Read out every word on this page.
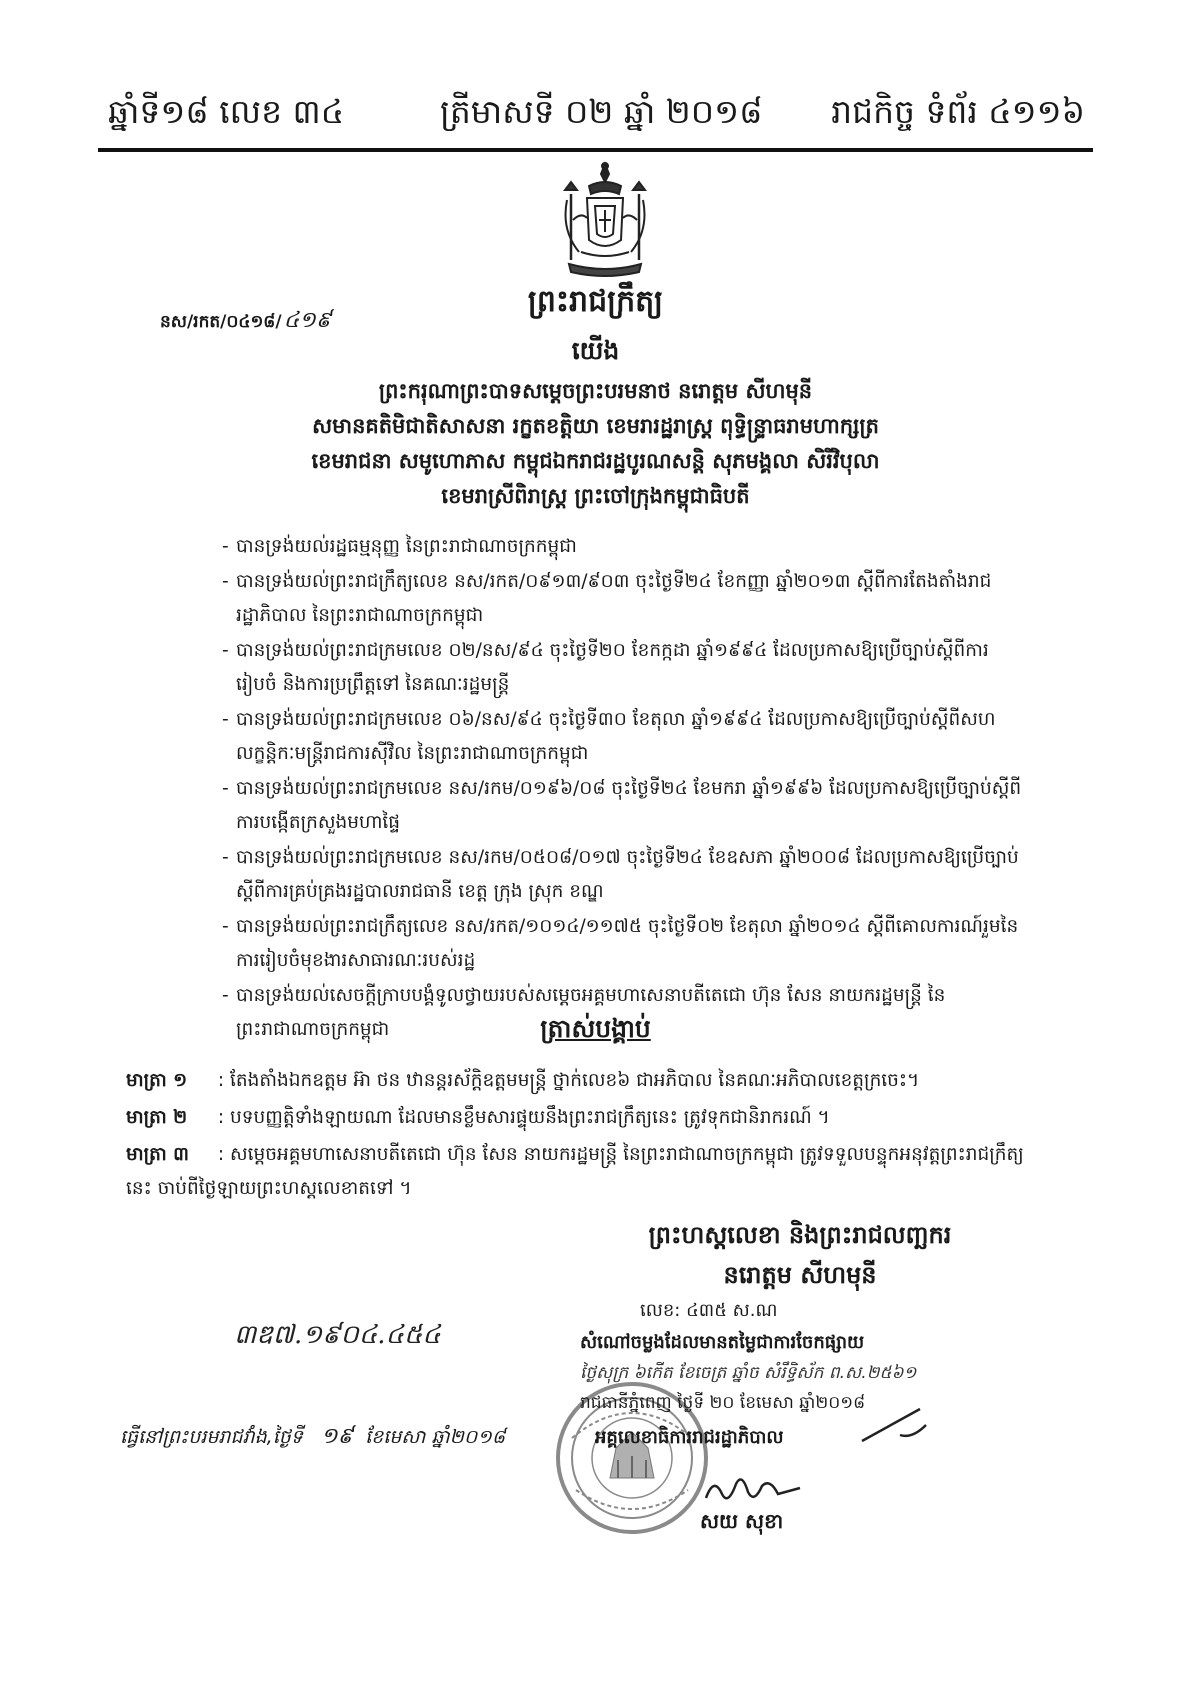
ឆ្នាំទី១៨ លេខ ៣៤	ត្រីមាសទី ០២ ឆ្នាំ ២០១៨ រាជកិច្ច ទំព័រ ៤១១៦
នស/រកត/០៤១៨/៤១៩
ព្រះរាជក្រឹត្យ
យើង
ព្រះករុណាព្រះបាទសម្តេចព្រះបរមនាថ នរោត្តម សីហមុនី
សមានគតិមិជាតិសាសនា រក្ខតខត្តិយា ខេមរារដ្ឋរាស្ត្រ ពុទ្ធិន្ទ្រាធរាមហាក្សត្រ
ខេមរាជនា សមូហោភាស កម្ពុជឯករាជរដ្ឋបូរណសន្តិ សុភមង្គលា សិរីវិបុលា
ខេមរាស្រីពិរាស្ត្រ ព្រះចៅក្រុងកម្ពុជាធិបតី
- បានទ្រង់យល់រដ្ឋធម្មនុញ្ញ នៃព្រះរាជាណាចក្រកម្ពុជា
- បានទ្រង់យល់ព្រះរាជក្រឹត្យលេខ នស/រកត/០៩១៣/៩០៣ ចុះថ្ងៃទី២៤ ខែកញ្ញា ឆ្នាំ២០១៣ ស្តីពីការតែងតាំងរាជរដ្ឋាភិបាល នៃព្រះរាជាណាចក្រកម្ពុជា
- បានទ្រង់យល់ព្រះរាជក្រមលេខ ០២/នស/៩៤ ចុះថ្ងៃទី២០ ខែកក្កដា ឆ្នាំ១៩៩៤ ដែលប្រកាសឱ្យប្រើច្បាប់ស្តីពីការរៀបចំ និងការប្រព្រឹត្តទៅ នៃគណៈរដ្ឋមន្ត្រី
- បានទ្រង់យល់ព្រះរាជក្រមលេខ ០៦/នស/៩៤ ចុះថ្ងៃទី៣០ ខែតុលា ឆ្នាំ១៩៩៤ ដែលប្រកាសឱ្យប្រើច្បាប់ស្តីពីសហលក្ខន្តិកៈមន្ត្រីរាជការស៊ីវិល នៃព្រះរាជាណាចក្រកម្ពុជា
- បានទ្រង់យល់ព្រះរាជក្រមលេខ នស/រកម/០១៩៦/០៨ ចុះថ្ងៃទី២៤ ខែមករា ឆ្នាំ១៩៩៦ ដែលប្រកាសឱ្យប្រើច្បាប់ស្តីពីការបង្កើតក្រសួងមហាផ្ទៃ
- បានទ្រង់យល់ព្រះរាជក្រមលេខ នស/រកម/០៥០៨/០១៧ ចុះថ្ងៃទី២៤ ខែឧសភា ឆ្នាំ២០០៨ ដែលប្រកាសឱ្យប្រើច្បាប់ស្តីពីការគ្រប់គ្រងរដ្ឋបាលរាជធានី ខេត្ត ក្រុង ស្រុក ខណ្ឌ
- បានទ្រង់យល់ព្រះរាជក្រឹត្យលេខ នស/រកត/១០១៤/១១៧៥ ចុះថ្ងៃទី០២ ខែតុលា ឆ្នាំ២០១៤ ស្តីពីគោលការណ៍រួមនៃការរៀបចំមុខងារសាធារណៈរបស់រដ្ឋ
- បានទ្រង់យល់សេចក្តីក្រាបបង្គំទូលថ្វាយរបស់សម្តេចអគ្គមហាសេនាបតីតេជោ ហ៊ុន សែន នាយករដ្ឋមន្ត្រី នៃព្រះរាជាណាចក្រកម្ពុជា	ត្រាស់បង្គាប់
មាត្រា ១ : តែងតាំងឯកឧត្តម អ៊ា ថន ឋានន្តរស័ក្តិឧត្តមមន្ត្រី ថ្នាក់លេខ៦ ជាអភិបាល នៃគណៈអភិបាលខេត្តក្រចេះ។
មាត្រា ២ : បទបញ្ញត្តិទាំងឡាយណា ដែលមានខ្លឹមសារផ្ទុយនឹងព្រះរាជក្រឹត្យនេះ ត្រូវទុកជានិរាករណ៍ ។
មាត្រា ៣ : សម្តេចអគ្គមហាសេនាបតីតេជោ ហ៊ុន សែន នាយករដ្ឋមន្ត្រី នៃព្រះរាជាណាចក្រកម្ពុជា ត្រូវទទួលបន្ទុកអនុវត្តព្រះរាជក្រឹត្យនេះ ចាប់ពីថ្ងៃឡាយព្រះហស្តលេខាតទៅ ។
ព្រះហស្តលេខា និងព្រះរាជលញ្ឆករ
នរោត្តម សីហមុនី
លេខ: ៤៣៥ ស.ណ
៣ឌ៧.១៩០៤.៤៥៤	សំណៅចម្លងដែលមានតម្លៃជាការចែកផ្សាយ
ថ្ងៃសុក្រ ៦កើត ខែចេត្រ ឆ្នាំច សំរឹទ្ធិស័ក ព.ស.២៥៦១
រាជធានីភ្នំពេញ ថ្ងៃទី ២០ ខែមេសា ឆ្នាំ២០១៨
អគ្គលេខាធិការរាជរដ្ឋាភិបាល
សយ សុខា
ធ្វើនៅព្រះបរមរាជវាំង,ថ្ងៃទី ១៩ ខែមេសា ឆ្នាំ២០១៨
